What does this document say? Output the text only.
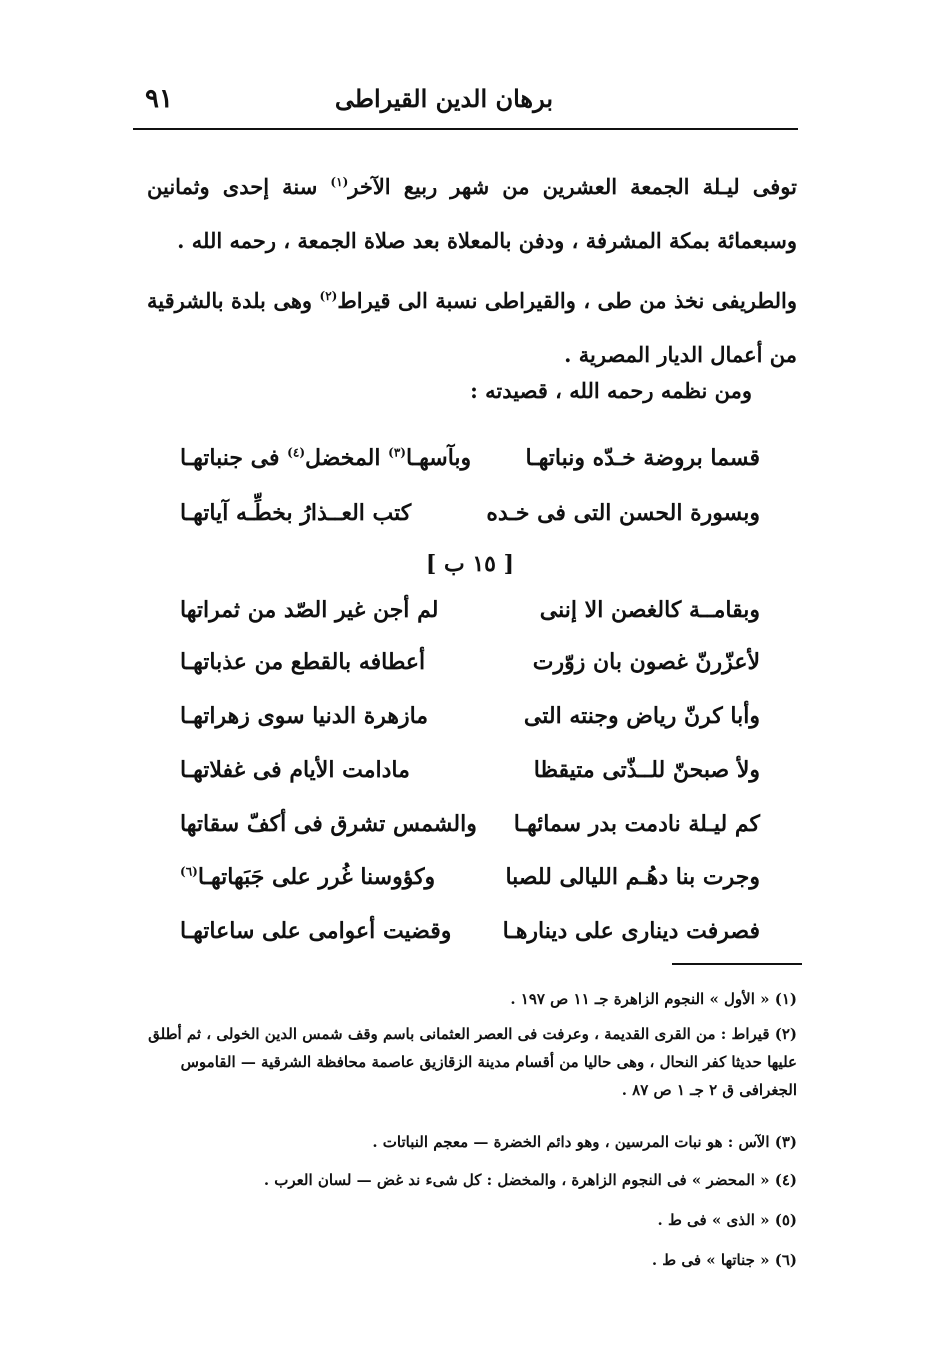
برهان الدين القيراطى
٩١
توفى ليـلة الجمعة العشرين من شهر ربيع الآخر$^{(١)}$ سنة إحدى وثمانين وسبعمائة بمكة المشرفة ، ودفن بالمعلاة بعد صلاة الجمعة ، رحمه الله .
والطريفى نخذ من طى ، والقيراطى نسبة الى قيراط$^{(٢)}$ وهى بلدة بالشرقية من أعمال الديار المصرية .
ومن نظمه رحمه الله ، قصيدته :
قسما بروضة خـدّه ونباتهـا
وبآسهـا$^{(٣)}$ المخضل$^{(٤)}$ فى جنباتهـا
وبسورة الحسن التى فى خـده
كتب العــذارُ بخطِّـه آياتهـا
[ ١٥ ب ]
وبقامــة كالغصن الا إننى
لم أجن غير الصّد من ثمراتها
لأعزّرنّ غصون بان زوّرت
أعطافه بالقطع من عذباتهـا
وأبا كرنّ رياض وجنته التى
مازهرة الدنيا سوى زهراتهـا
ولأ صبحنّ للــذّتى متيقظا
مادامت الأيام فى غفلاتهـا
كم ليـلة نادمت بدر سمائهـا
والشمس تشرق فى أكفّ سقاتها
وجرت بنا دهُـم الليالى للصبا
وكؤوسنا غُرر على جَبَهاتهـا$^{(٦)}$
فصرفت دينارى على دينارهـا
وقضيت أعوامى على ساعاتهـا
(١) « الأول » النجوم الزاهرة جـ ١١ ص ١٩٧ .
(٢) قيراط : من القرى القديمة ، وعرفت فى العصر العثمانى باسم وقف شمس الدين الخولى ، ثم أطلق عليها حديثا كفر النحال ، وهى حاليا من أقسام مدينة الزقازيق عاصمة محافظة الشرقية — القاموس الجغرافى ق ٢ جـ ١ ص ٨٧ .
(٣) الآس : هو نبات المرسين ، وهو دائم الخضرة — معجم النباتات .
(٤) « المحضر » فى النجوم الزاهرة ، والمخضل : كل شىء ند غض — لسان العرب .
(٥) « الذى » فى ط .
(٦) « جناتها » فى ط .
